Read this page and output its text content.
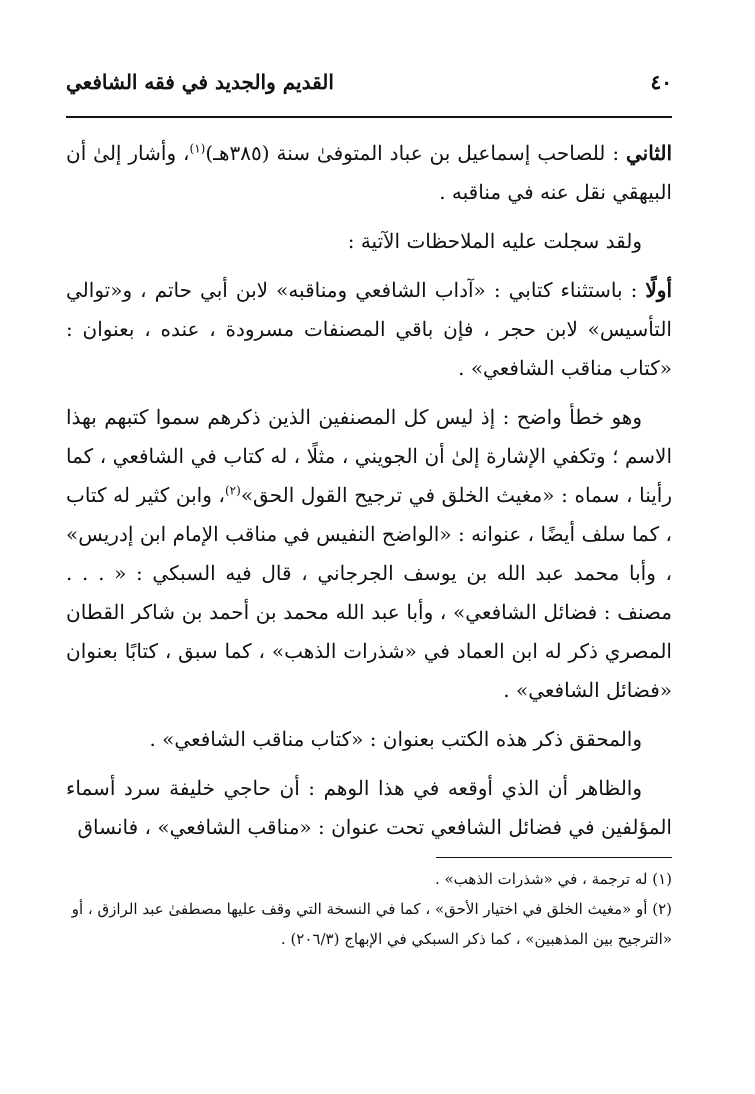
٤٠
القديم والجديد في فقه الشافعي

الثاني : للصاحب إسماعيل بن عباد المتوفىٰ سنة (٣٨٥هـ)$^{(١)}$، وأشار إلىٰ أن البيهقي نقل عنه في مناقبه .

ولقد سجلت عليه الملاحظات الآتية :

أولًا : باستثناء كتابي : «آداب الشافعي ومناقبه» لابن أبي حاتم ، و«توالي التأسيس» لابن حجر ، فإن باقي المصنفات مسرودة ، عنده ، بعنوان : «كتاب مناقب الشافعي» .

وهو خطأ واضح : إذ ليس كل المصنفين الذين ذكرهم سموا كتبهم بهذا الاسم ؛ وتكفي الإشارة إلىٰ أن الجويني ، مثلًا ، له كتاب في الشافعي ، كما رأينا ، سماه : «مغيث الخلق في ترجيح القول الحق»$^{(٢)}$، وابن كثير له كتاب ، كما سلف أيضًا ، عنوانه : «الواضح النفيس في مناقب الإمام ابن إدريس» ، وأبا محمد عبد الله بن يوسف الجرجاني ، قال فيه السبكي : « . . . مصنف : فضائل الشافعي» ، وأبا عبد الله محمد بن أحمد بن شاكر القطان المصري ذكر له ابن العماد في «شذرات الذهب» ، كما سبق ، كتابًا بعنوان «فضائل الشافعي» .

والمحقق ذكر هذه الكتب بعنوان : «كتاب مناقب الشافعي» .

والظاهر أن الذي أوقعه في هذا الوهم : أن حاجي خليفة سرد أسماء المؤلفين في فضائل الشافعي تحت عنوان : «مناقب الشافعي» ، فانساق

(١) له ترجمة ، في «شذرات الذهب» .

(٢) أو «مغيث الخلق في اختيار الأحق» ، كما في النسخة التي وقف عليها مصطفىٰ عبد الرازق ، أو «الترجيح بين المذهبين» ، كما ذكر السبكي في الإبهاج (٢٠٦/٣) .
